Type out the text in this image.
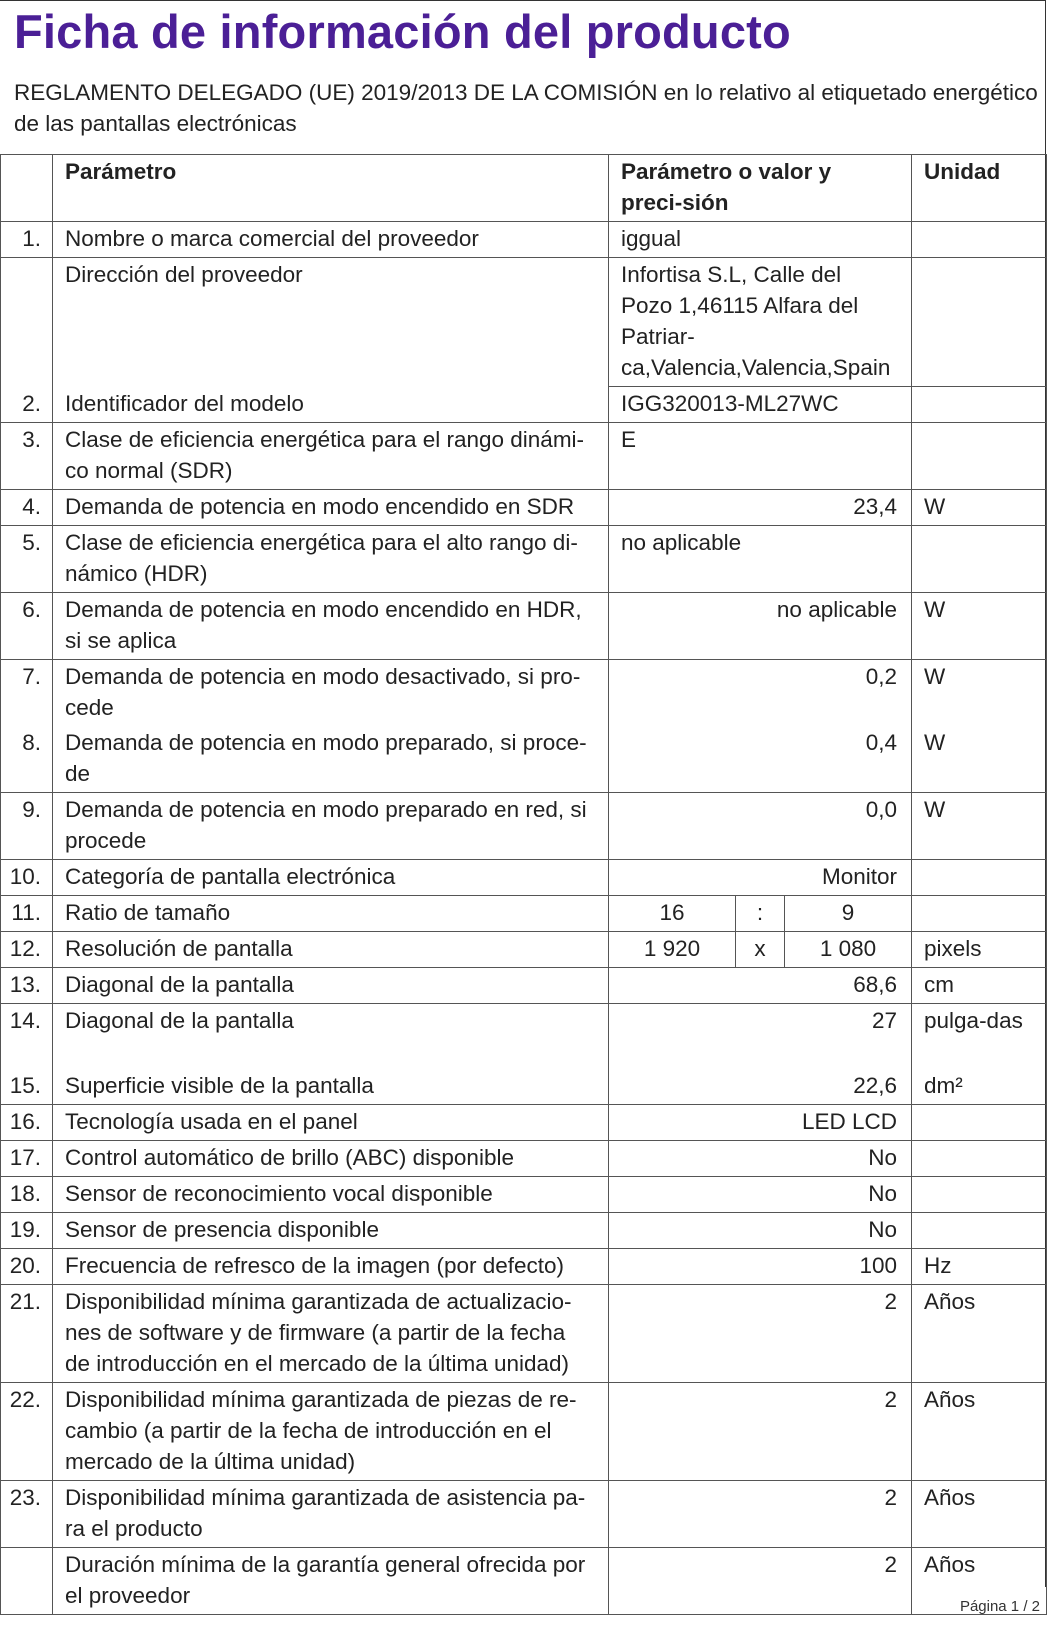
Ficha de información del producto

REGLAMENTO DELEGADO (UE) 2019/2013 DE LA COMISIÓN en lo relativo al etiquetado energético de las pantallas electrónicas

	Parámetro	Parámetro o valor y preci-sión			Unidad
1.	Nombre o marca comercial del proveedor	iggual			
	Dirección del proveedor	Infortisa S.L, Calle del Pozo 1,46115 Alfara del Patriar-ca,Valencia,Valencia,Spain			
2.	Identificador del modelo	IGG320013-ML27WC			
3.	Clase de eficiencia energética para el rango dinámi-co normal (SDR)	E			
4.	Demanda de potencia en modo encendido en SDR	23,4			W
5.	Clase de eficiencia energética para el alto rango di-námico (HDR)	no aplicable			
6.	Demanda de potencia en modo encendido en HDR, si se aplica	no aplicable			W
7.	Demanda de potencia en modo desactivado, si pro-cede	0,2			W
8.	Demanda de potencia en modo preparado, si proce-de	0,4			W
9.	Demanda de potencia en modo preparado en red, si procede	0,0			W
10.	Categoría de pantalla electrónica	Monitor			
11.	Ratio de tamaño	16	:	9	
12.	Resolución de pantalla	1 920	x	1 080	pixels
13.	Diagonal de la pantalla	68,6			cm
14.	Diagonal de la pantalla	27			pulga-das
15.	Superficie visible de la pantalla	22,6			dm²
16.	Tecnología usada en el panel	LED LCD			
17.	Control automático de brillo (ABC) disponible	No			
18.	Sensor de reconocimiento vocal disponible	No			
19.	Sensor de presencia disponible	No			
20.	Frecuencia de refresco de la imagen (por defecto)	100			Hz
21.	Disponibilidad mínima garantizada de actualizacio-nes de software y de firmware (a partir de la fecha de introducción en el mercado de la última unidad)	2			Años
22.	Disponibilidad mínima garantizada de piezas de re-cambio (a partir de la fecha de introducción en el mercado de la última unidad)	2			Años
23.	Disponibilidad mínima garantizada de asistencia pa-ra el producto	2			Años
	Duración mínima de la garantía general ofrecida por el proveedor	2			Años
Página 1 / 2
